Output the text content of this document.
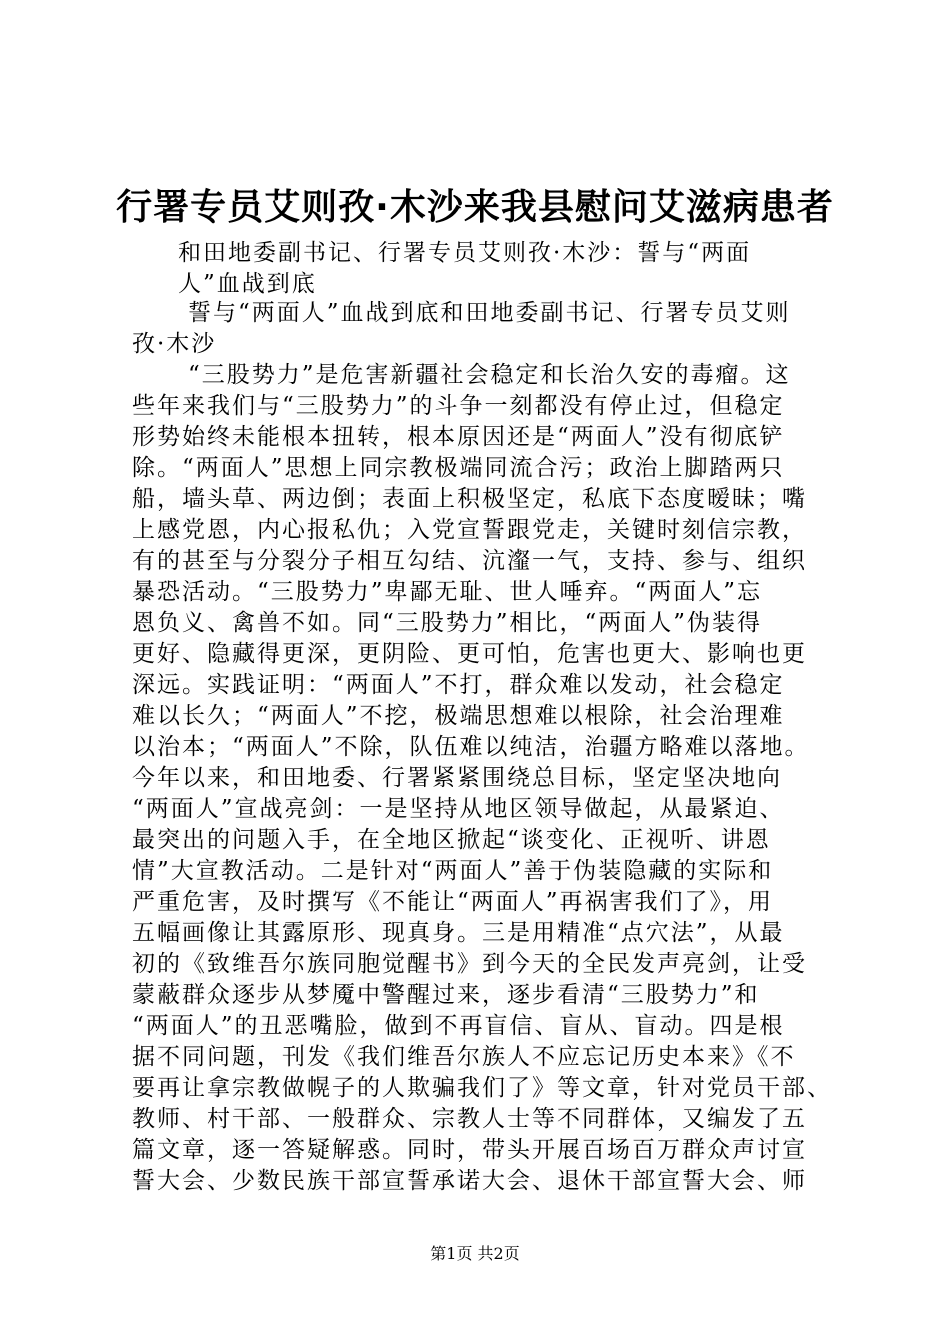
行署专员艾则孜·木沙来我县慰问艾滋病患者
和田地委副书记、行署专员艾则孜·木沙：誓与“两面
人”血战到底
誓与“两面人”血战到底和田地委副书记、行署专员艾则
孜·木沙
“三股势力”是危害新疆社会稳定和长治久安的毒瘤。这
些年来我们与“三股势力”的斗争一刻都没有停止过，但稳定
形势始终未能根本扭转，根本原因还是“两面人”没有彻底铲
除。“两面人”思想上同宗教极端同流合污；政治上脚踏两只
船，墙头草、两边倒；表面上积极坚定，私底下态度暧昧；嘴
上感党恩，内心报私仇；入党宣誓跟党走，关键时刻信宗教，
有的甚至与分裂分子相互勾结、沆瀣一气，支持、参与、组织
暴恐活动。“三股势力”卑鄙无耻、世人唾弃。“两面人”忘
恩负义、禽兽不如。同“三股势力”相比，“两面人”伪装得
更好、隐藏得更深，更阴险、更可怕，危害也更大、影响也更
深远。实践证明：“两面人”不打，群众难以发动，社会稳定
难以长久；“两面人”不挖，极端思想难以根除，社会治理难
以治本；“两面人”不除，队伍难以纯洁，治疆方略难以落地。
今年以来，和田地委、行署紧紧围绕总目标，坚定坚决地向
“两面人”宣战亮剑：一是坚持从地区领导做起，从最紧迫、
最突出的问题入手，在全地区掀起“谈变化、正视听、讲恩
情”大宣教活动。二是针对“两面人”善于伪装隐藏的实际和
严重危害，及时撰写《不能让“两面人”再祸害我们了》，用
五幅画像让其露原形、现真身。三是用精准“点穴法”，从最
初的《致维吾尔族同胞觉醒书》到今天的全民发声亮剑，让受
蒙蔽群众逐步从梦魇中警醒过来，逐步看清“三股势力”和
“两面人”的丑恶嘴脸，做到不再盲信、盲从、盲动。四是根
据不同问题，刊发《我们维吾尔族人不应忘记历史本来》《不
要再让拿宗教做幌子的人欺骗我们了》等文章，针对党员干部、
教师、村干部、一般群众、宗教人士等不同群体，又编发了五
篇文章，逐一答疑解惑。同时，带头开展百场百万群众声讨宣
誓大会、少数民族干部宣誓承诺大会、退休干部宣誓大会、师
第1页 共2页
